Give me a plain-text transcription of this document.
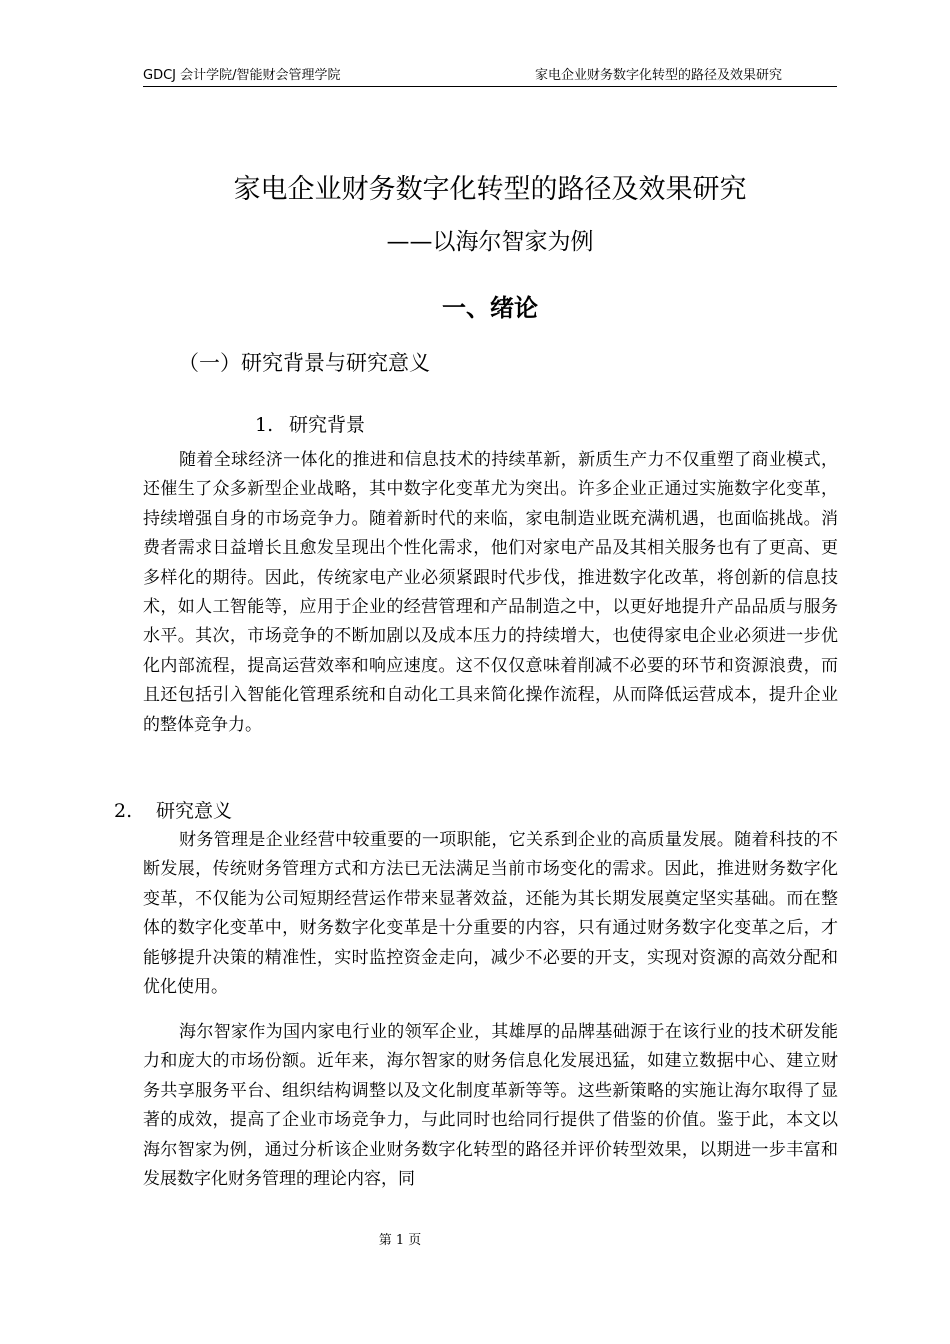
GDCJ 会计学院/智能财会管理学院	家电企业财务数字化转型的路径及效果研究
家电企业财务数字化转型的路径及效果研究
——以海尔智家为例
一、绪论
（一）研究背景与研究意义
1. 研究背景

随着全球经济一体化的推进和信息技术的持续革新，新质生产力不仅重塑了商业模式，还催生了众多新型企业战略，其中数字化变革尤为突出。许多企业正通过实施数字化变革，持续增强自身的市场竞争力。随着新时代的来临，家电制造业既充满机遇，也面临挑战。消费者需求日益增长且愈发呈现出个性化需求，他们对家电产品及其相关服务也有了更高、更多样化的期待。因此，传统家电产业必须紧跟时代步伐，推进数字化改革，将创新的信息技术，如人工智能等，应用于企业的经营管理和产品制造之中，以更好地提升产品品质与服务水平。其次，市场竞争的不断加剧以及成本压力的持续增大，也使得家电企业必须进一步优化内部流程，提高运营效率和响应速度。这不仅仅意味着削减不必要的环节和资源浪费，而且还包括引入智能化管理系统和自动化工具来简化操作流程，从而降低运营成本，提升企业的整体竞争力。

2. 研究意义

财务管理是企业经营中较重要的一项职能，它关系到企业的高质量发展。随着科技的不断发展，传统财务管理方式和方法已无法满足当前市场变化的需求。因此，推进财务数字化变革，不仅能为公司短期经营运作带来显著效益，还能为其长期发展奠定坚实基础。而在整体的数字化变革中，财务数字化变革是十分重要的内容，只有通过财务数字化变革之后，才能够提升决策的精准性，实时监控资金走向，减少不必要的开支，实现对资源的高效分配和优化使用。

海尔智家作为国内家电行业的领军企业，其雄厚的品牌基础源于在该行业的技术研发能力和庞大的市场份额。近年来，海尔智家的财务信息化发展迅猛，如建立数据中心、建立财务共享服务平台、组织结构调整以及文化制度革新等等。这些新策略的实施让海尔取得了显著的成效，提高了企业市场竞争力，与此同时也给同行提供了借鉴的价值。鉴于此，本文以海尔智家为例，通过分析该企业财务数字化转型的路径并评价转型效果，以期进一步丰富和发展数字化财务管理的理论内容，同

第 1 页
